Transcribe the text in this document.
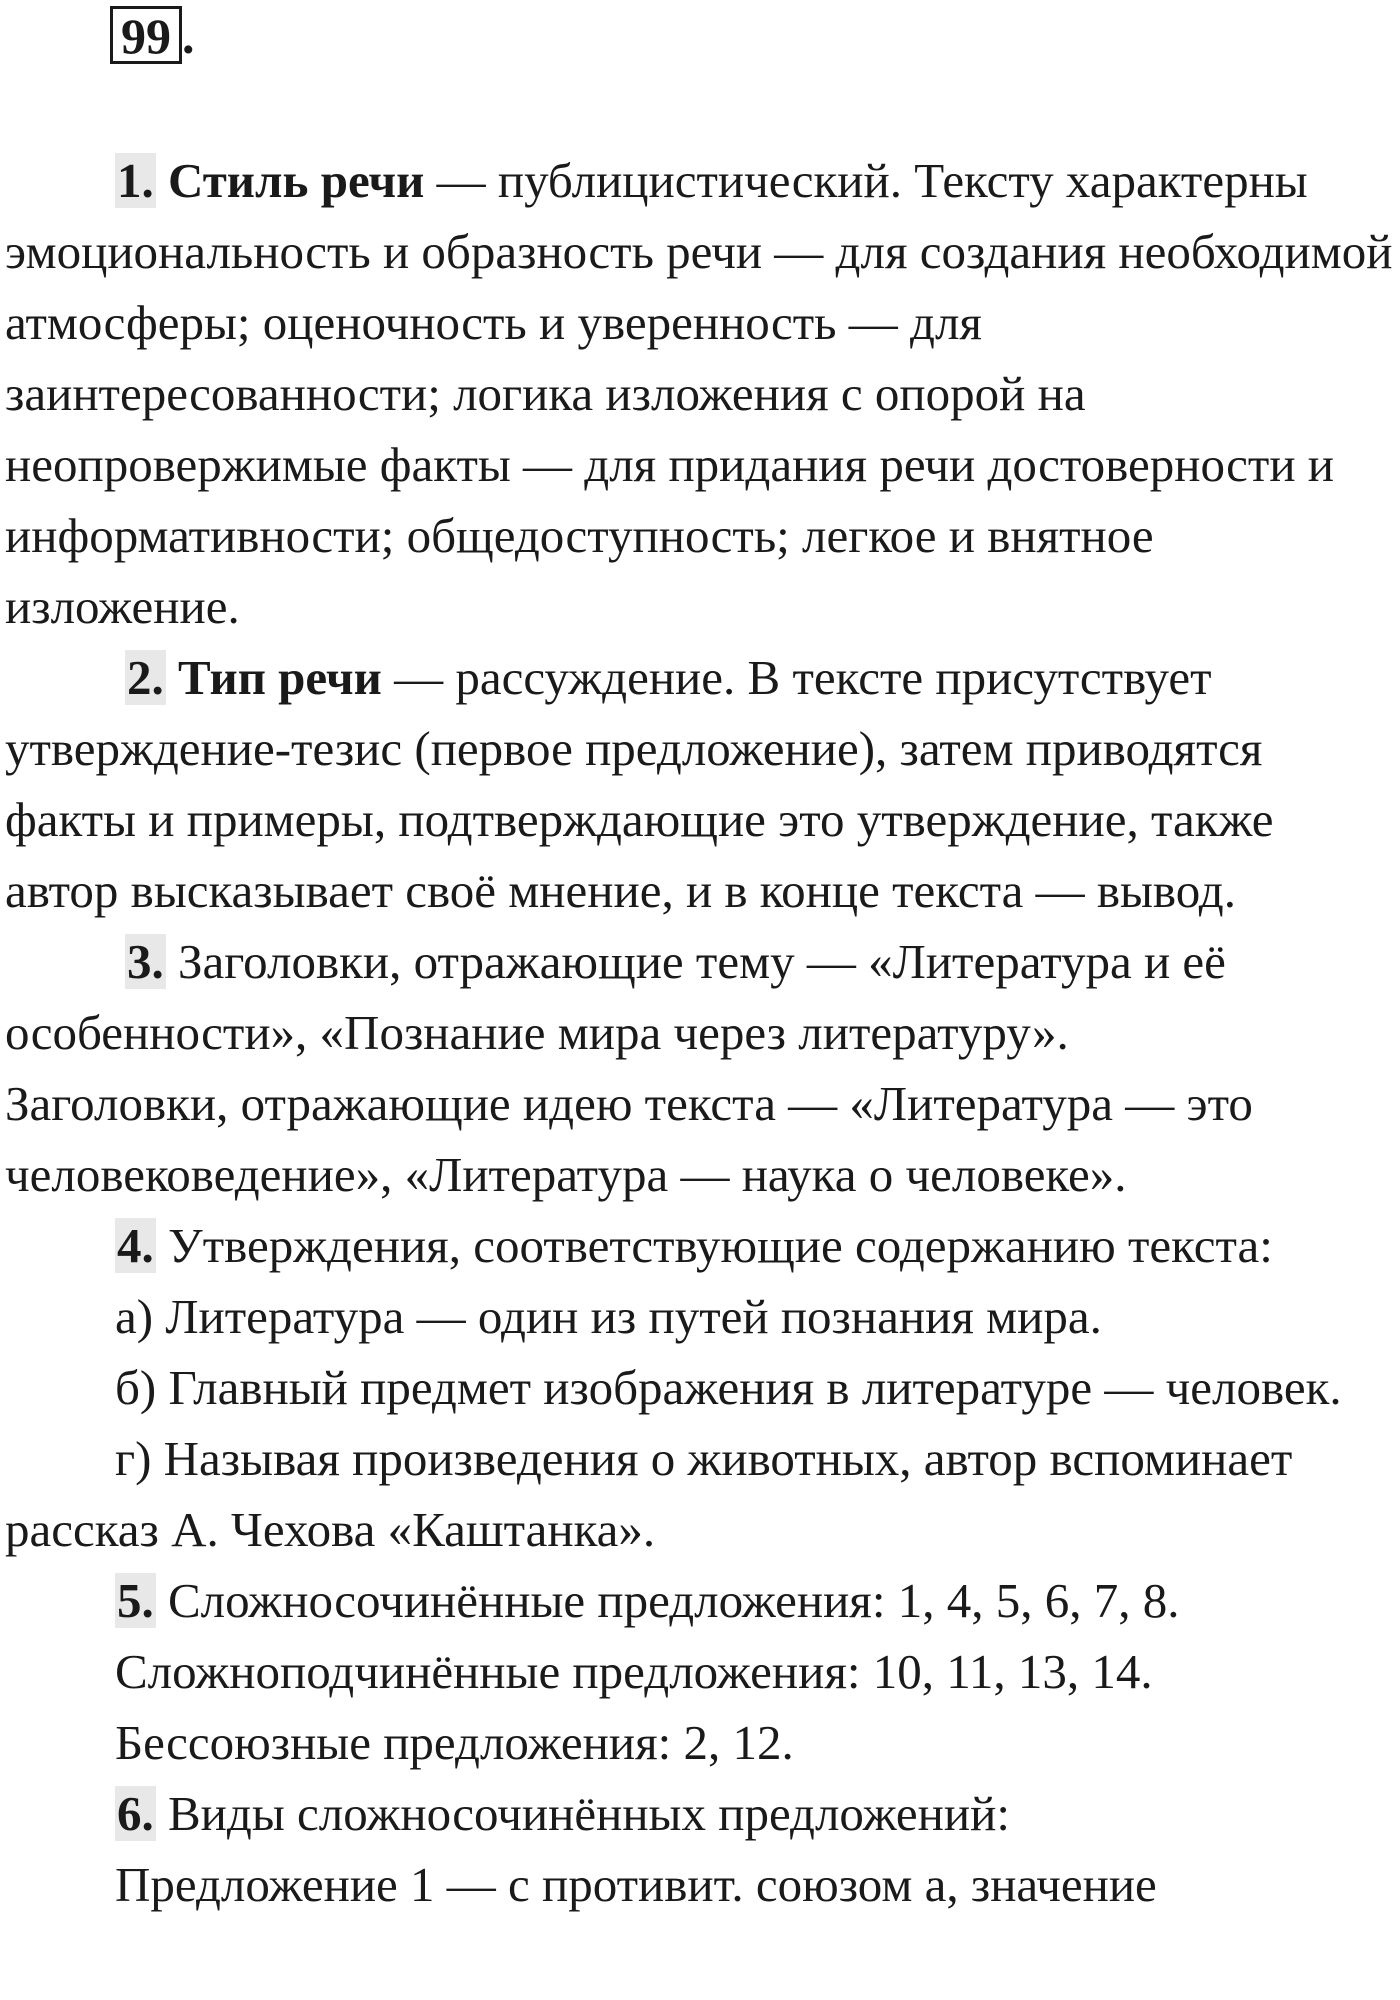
99 .

1. Стиль речи — публицистический. Тексту характерны эмоциональность и образность речи — для создания необходимой атмосферы; оценочность и уверенность — для заинтересованности; логика изложения с опорой на неопровержимые факты — для придания речи достоверности и информативности; общедоступность; легкое и внятное изложение.

2. Тип речи — рассуждение. В тексте присутствует утверждение-тезис (первое предложение), затем приводятся факты и примеры, подтверждающие это утверждение, также автор высказывает своё мнение, и в конце текста — вывод.

3. Заголовки, отражающие тему — «Литература и её особенности», «Познание мира через литературу».

Заголовки, отражающие идею текста — «Литература — это человековедение», «Литература — наука о человеке».

4. Утверждения, соответствующие содержанию текста:

а) Литература — один из путей познания мира.

б) Главный предмет изображения в литературе — человек.

г) Называя произведения о животных, автор вспоминает рассказ А. Чехова «Каштанка».

5. Сложносочинённые предложения: 1, 4, 5, 6, 7, 8.

Сложноподчинённые предложения: 10, 11, 13, 14.

Бессоюзные предложения: 2, 12.

6. Виды сложносочинённых предложений:

Предложение 1 — с противит. союзом а, значение
